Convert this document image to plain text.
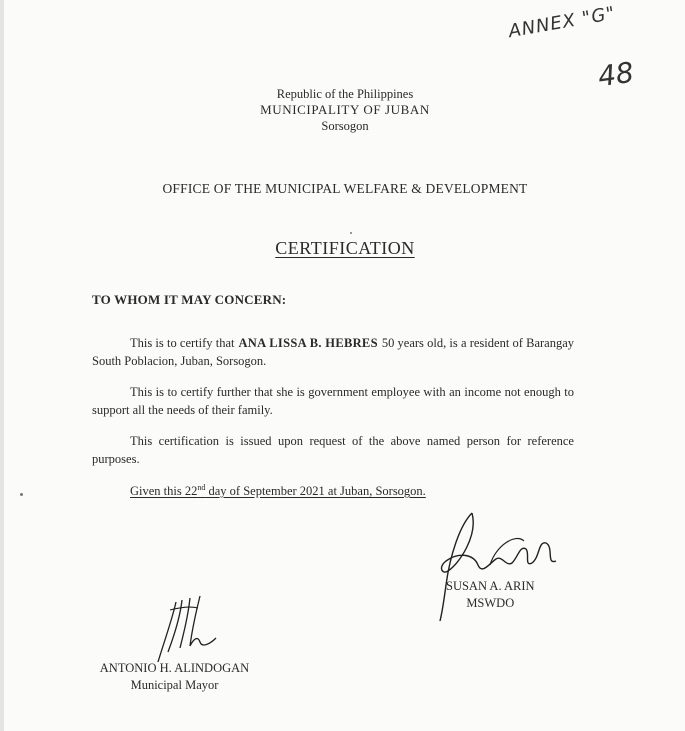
ANNEX "G"
48
Republic of the Philippines
MUNICIPALITY OF JUBAN
Sorsogon
OFFICE OF THE MUNICIPAL WELFARE & DEVELOPMENT
CERTIFICATION
TO WHOM IT MAY CONCERN:
This is to certify that ANA LISSA B. HEBRES 50 years old, is a resident of Barangay South Poblacion, Juban, Sorsogon.
This is to certify further that she is government employee with an income not enough to support all the needs of their family.
This certification is issued upon request of the above named person for reference purposes.
Given this 22nd day of September 2021 at Juban, Sorsogon.
SUSAN A. ARIN
MSWDO
ANTONIO H. ALINDOGAN
Municipal Mayor
